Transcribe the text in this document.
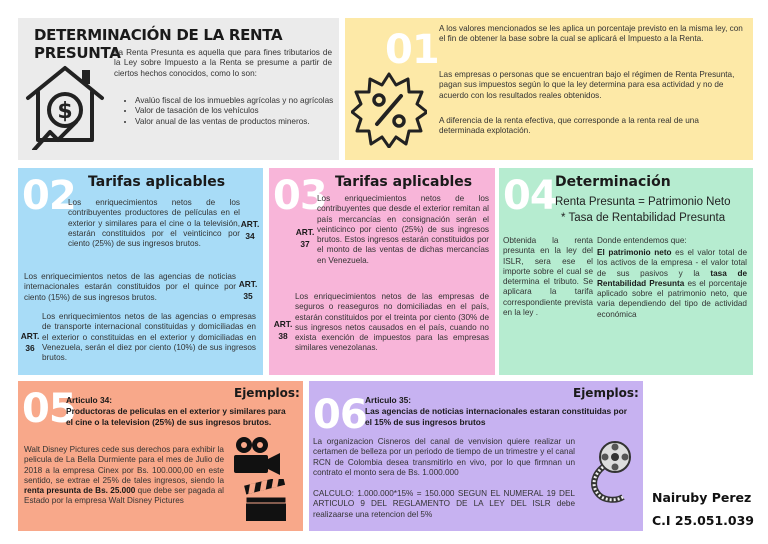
DETERMINACIÓN DE LA RENTA PRESUNTA
$
La Renta Presunta es aquella que para fines tributarios de la Ley sobre Impuesto a la Renta se presume a partir de ciertos hechos conocidos, como lo son:
• Avalúo fiscal de los inmuebles agrícolas y no agrícolas
• Valor de tasación de los vehículos
• Valor anual de las ventas de productos mineros.
01 A los valores mencionados se les aplica un porcentaje previsto en la misma ley, con el fin de obtener la base sobre la cual se aplicará el Impuesto a la Renta.
Las empresas o personas que se encuentran bajo el régimen de Renta Presunta, pagan sus impuestos según lo que la ley determina para esa actividad y no de acuerdo con los resultados reales obtenidos.
A diferencia de la renta efectiva, que corresponde a la renta real de una determinada explotación.
02 Tarifas aplicables
Los enriquecimientos netos de los contribuyentes productores de películas en el exterior y similares para el cine o la televisión, estarán constituidos por el veinticinco por ciento (25%) de sus ingresos brutos.
ART. 34
Los enriquecimientos netos de las agencias de noticias internacionales estarán constituidos por el quince por ciento (15%) de sus ingresos brutos.
ART. 35
Los enriquecimientos netos de las agencias o empresas de transporte internacional constituidas y domiciliadas en el exterior o constituidas en el exterior y domiciliadas en Venezuela, serán el diez por ciento (10%) de sus ingresos brutos.
ART. 36
03 Tarifas aplicables
Los enriquecimientos netos de los contribuyentes que desde el exterior remitan al país mercancías en consignación serán el veinticinco por ciento (25%) de sus ingresos brutos. Estos ingresos estarán constituidos por el monto de las ventas de dichas mercancías en Venezuela.
ART. 37
Los enriquecimientos netos de las empresas de seguros o reaseguros no domiciliadas en el país, estarán constituidos por el treinta por ciento (30% de sus ingresos netos causados en el país, cuando no exista exención de impuestos para las empresas similares venezolanas.
ART. 38
04
Determinación
Renta Presunta = Patrimonio Neto
* Tasa de Rentabilidad Presunta
Obtenida la renta presunta en la ley del ISLR, sera ese el importe sobre el cual se determina el tributo. Se aplicara la tarifa correspondiente prevista en la ley .
Donde entendemos que:
El patrimonio neto es el valor total de los activos de la empresa - el valor total de sus pasivos y la tasa de Rentabilidad Presunta es el porcentaje aplicado sobre el patrimonio neto, que varia dependiendo del tipo de actividad económica
05	Ejemplos:
Articulo 34:
Productoras de peliculas en el exterior y similares para el cine o la television (25%) de sus ingresos brutos.
Walt Disney Pictures cede sus derechos para exhibir la pelicula de La Bella Durmiente para el mes de Julio de 2018 a la empresa Cinex por Bs. 100.000,00 en este sentido, se extrae el 25% de tales ingresos, siendo la renta presunta de Bs. 25.000 que debe ser pagada al Estado por la empresa Walt Disney Pictures
06	Ejemplos:
Articulo 35:
Las agencias de noticias internacionales estaran constituidas por el 15% de sus ingresos brutos
La organizacion Cisneros del canal de venvision quiere realizar un certamen de belleza por un periodo de tiempo de un trimestre y el canal RCN de Colombia desea transmitirlo en vivo, por lo que firmnan un contrato el monto sera de Bs. 1.000.000
CALCULO: 1.000.000*15% = 150.000 SEGUN EL NUMERAL 19 DEL ARTICULO 9 DEL REGLAMENTO DE LA LEY DEL ISLR debe realizaarse una retencion del 5%
Nairuby Perez
C.I 25.051.039
